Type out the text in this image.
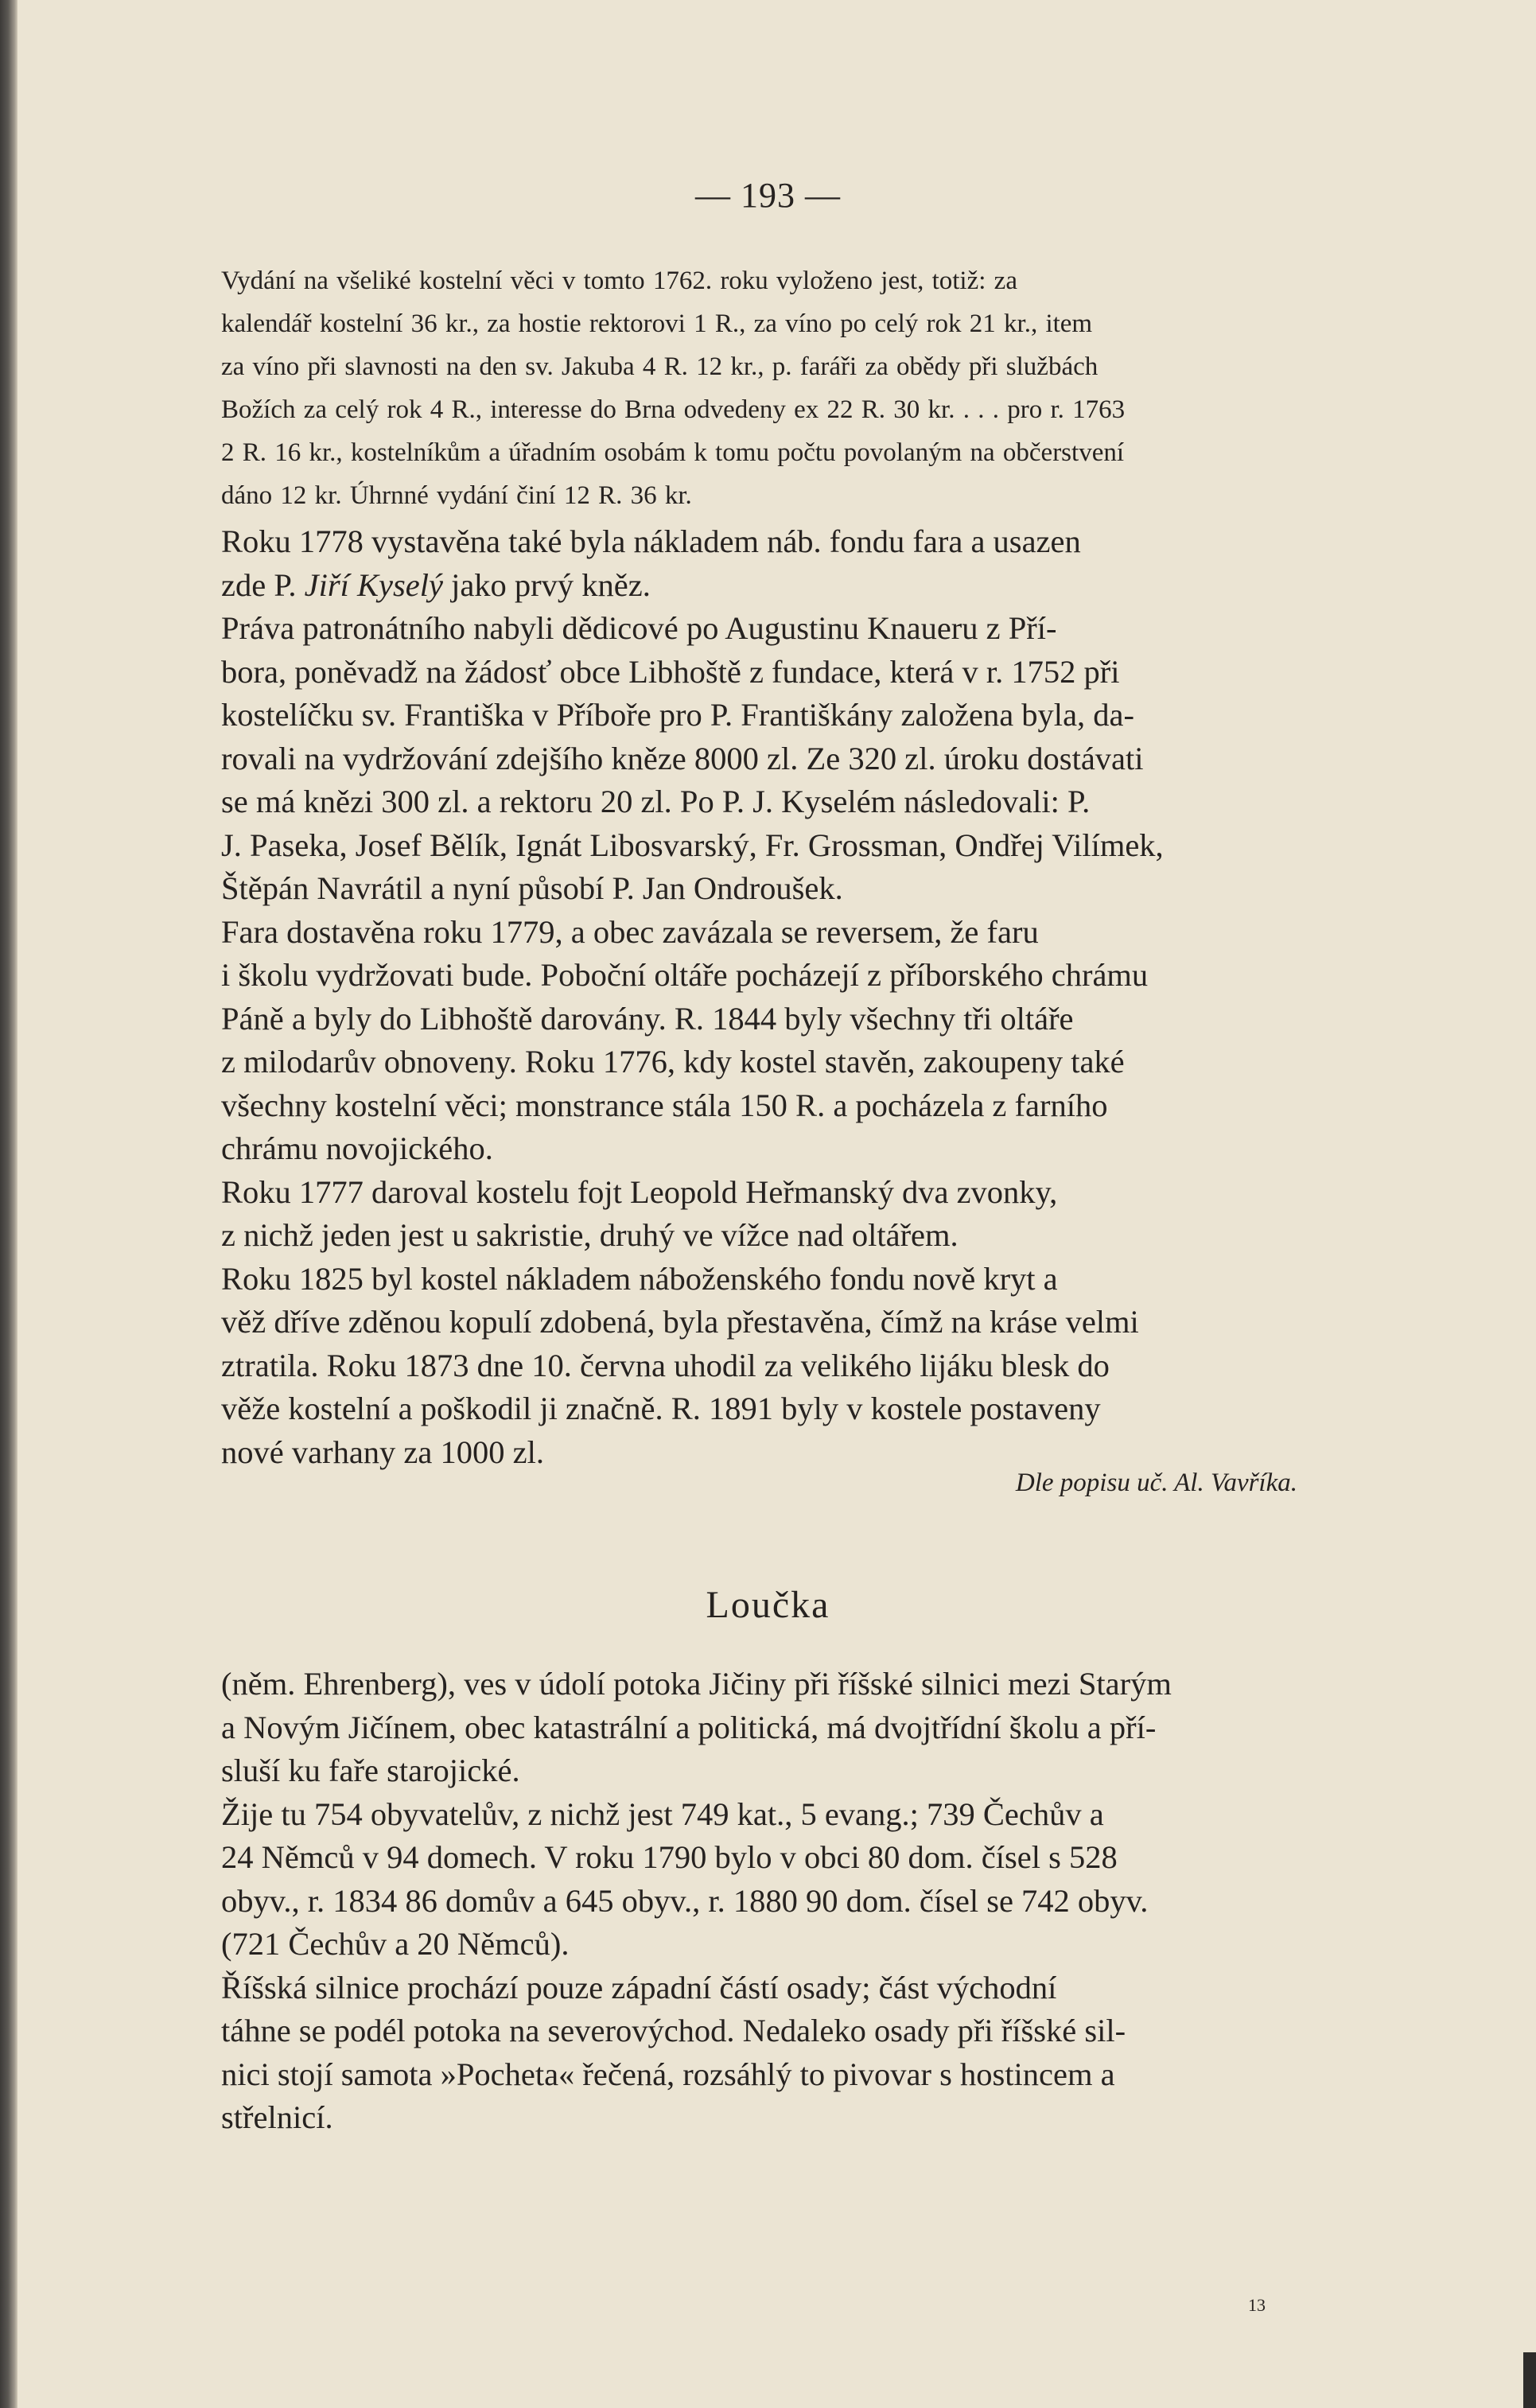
— 193 —
Vydání na všeliké kostelní věci v tomto 1762. roku vyloženo jest, totiž: za
kalendář kostelní 36 kr., za hostie rektorovi 1 R., za víno po celý rok 21 kr., item
za víno při slavnosti na den sv. Jakuba 4 R. 12 kr., p. faráři za obědy při službách
Božích za celý rok 4 R., interesse do Brna odvedeny ex 22 R. 30 kr. . . . pro r. 1763
2 R. 16 kr., kostelníkům a úřadním osobám k tomu počtu povolaným na občerstvení
dáno 12 kr. Úhrnné vydání činí 12 R. 36 kr.
Roku 1778 vystavěna také byla nákladem náb. fondu fara a usazen
zde P. Jiří Kyselý jako prvý kněz.
Práva patronátního nabyli dědicové po Augustinu Knaueru z Pří-
bora, poněvadž na žádosť obce Libhoště z fundace, která v r. 1752 při
kostelíčku sv. Františka v Příboře pro P. Františkány založena byla, da-
rovali na vydržování zdejšího kněze 8000 zl. Ze 320 zl. úroku dostávati
se má knězi 300 zl. a rektoru 20 zl. Po P. J. Kyselém následovali: P.
J. Paseka, Josef Bělík, Ignát Libosvarský, Fr. Grossman, Ondřej Vilímek,
Štěpán Navrátil a nyní působí P. Jan Ondroušek.
Fara dostavěna roku 1779, a obec zavázala se reversem, že faru
i školu vydržovati bude. Poboční oltáře pocházejí z příborského chrámu
Páně a byly do Libhoště darovány. R. 1844 byly všechny tři oltáře
z milodarův obnoveny. Roku 1776, kdy kostel stavěn, zakoupeny také
všechny kostelní věci; monstrance stála 150 R. a pocházela z farního
chrámu novojického.
Roku 1777 daroval kostelu fojt Leopold Heřmanský dva zvonky,
z nichž jeden jest u sakristie, druhý ve vížce nad oltářem.
Roku 1825 byl kostel nákladem náboženského fondu nově kryt a
věž dříve zděnou kopulí zdobená, byla přestavěna, čímž na kráse velmi
ztratila. Roku 1873 dne 10. června uhodil za velikého lijáku blesk do
věže kostelní a poškodil ji značně. R. 1891 byly v kostele postaveny
nové varhany za 1000 zl.
Dle popisu uč. Al. Vavříka.
Loučka
(něm. Ehrenberg), ves v údolí potoka Jičiny při říšské silnici mezi Starým
a Novým Jičínem, obec katastrální a politická, má dvojtřídní školu a pří-
sluší ku faře starojické.
Žije tu 754 obyvatelův, z nichž jest 749 kat., 5 evang.; 739 Čechův a
24 Němců v 94 domech. V roku 1790 bylo v obci 80 dom. čísel s 528
obyv., r. 1834 86 domův a 645 obyv., r. 1880 90 dom. čísel se 742 obyv.
(721 Čechův a 20 Němců).
Říšská silnice prochází pouze západní částí osady; část východní
táhne se podél potoka na severovýchod. Nedaleko osady při říšské sil-
nici stojí samota »Pocheta« řečená, rozsáhlý to pivovar s hostincem a
střelnicí.
13
